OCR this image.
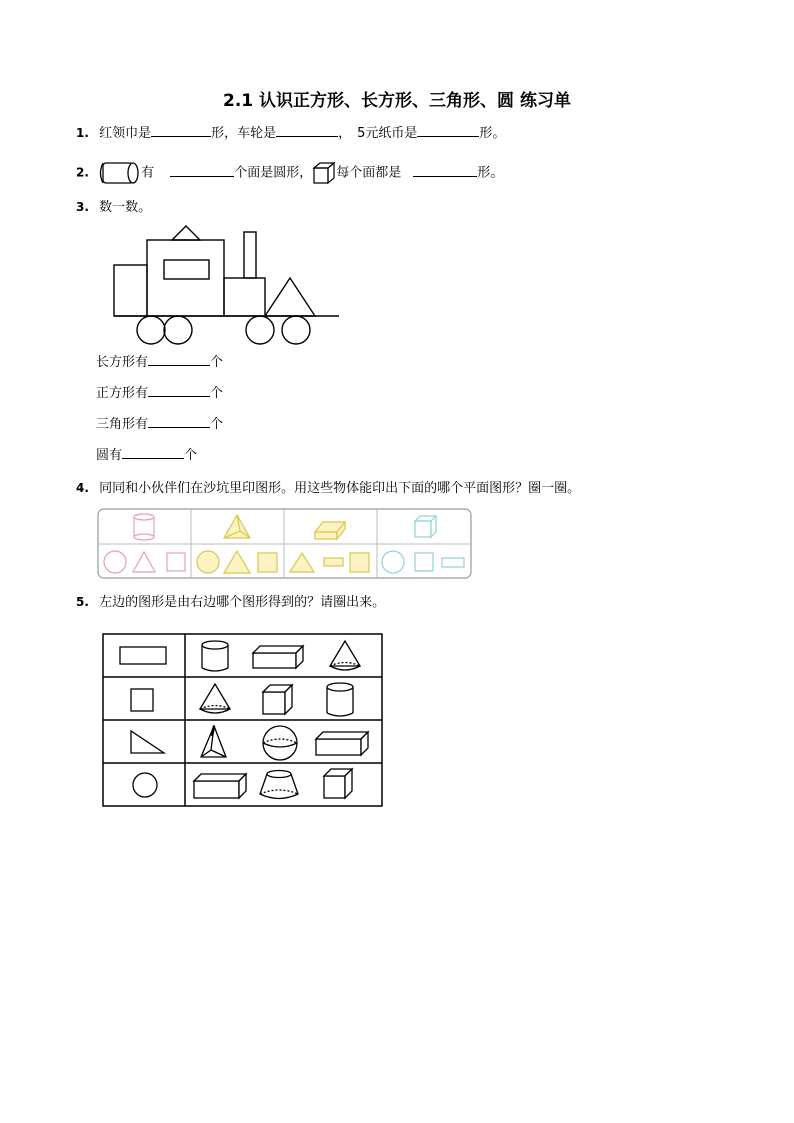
2.1 认识正方形、长方形、三角形、圆 练习单
1. 红领巾是	形，车轮是	， 5元纸币是	形。
2.	有	个面是圆形， 每个面都是	形。
3. 数一数。
长方形有	个
正方形有	个
三角形有	个
圆有	个
4. 同同和小伙伴们在沙坑里印图形。用这些物体能印出下面的哪个平面图形？圈一圈。
5. 左边的图形是由右边哪个图形得到的？请圈出来。
